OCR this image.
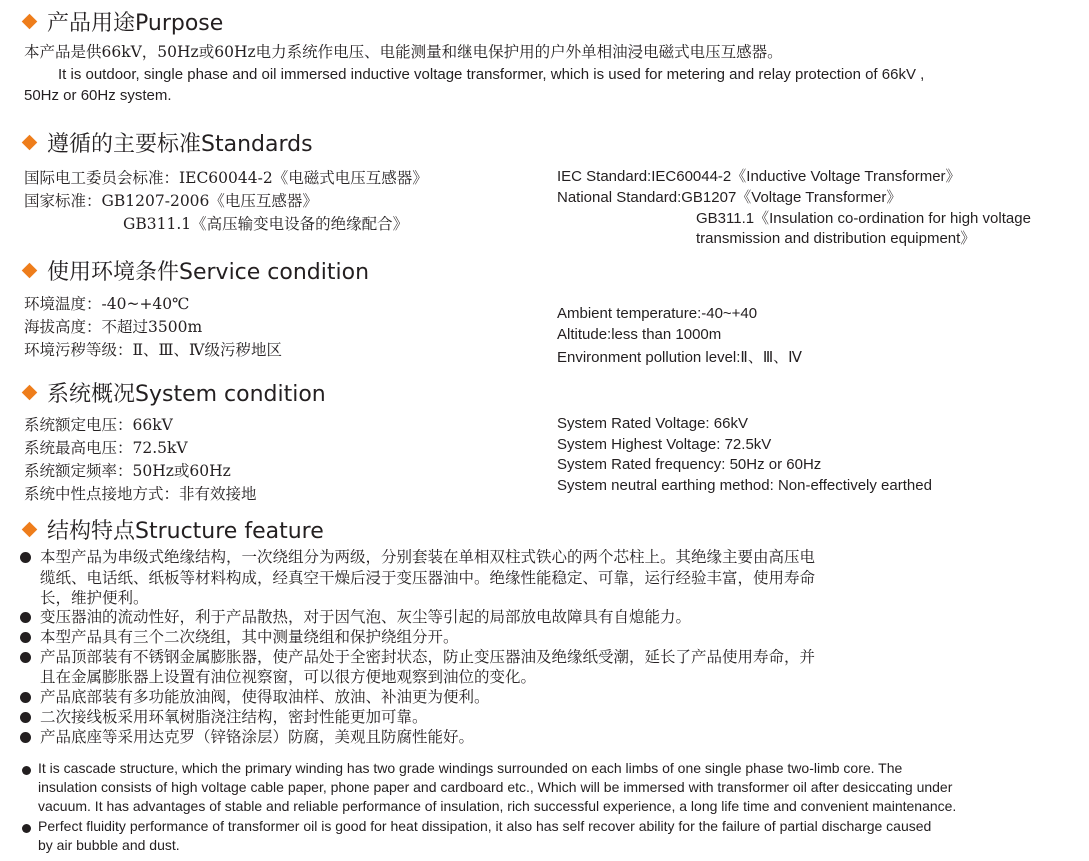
产品用途Purpose
本产品是供66kV，50Hz或60Hz电力系统作电压、电能测量和继电保护用的户外单相油浸电磁式电压互感器。
It is outdoor, single phase and oil immersed inductive voltage transformer, which is used for metering and relay protection of 66kV ,
50Hz or 60Hz system.
遵循的主要标准Standards
国际电工委员会标准：IEC60044-2《电磁式电压互感器》
国家标准：GB1207-2006《电压互感器》
GB311.1《高压输变电设备的绝缘配合》
IEC Standard:IEC60044-2《Inductive Voltage Transformer》
National Standard:GB1207《Voltage Transformer》
GB311.1《Insulation co-ordination for high voltage
transmission and distribution equipment》
使用环境条件Service condition
环境温度：-40~+40℃
海拔高度：不超过3500m
环境污秽等级：Ⅱ、Ⅲ、Ⅳ级污秽地区
Ambient temperature:-40~+40
Altitude:less than 1000m
Environment pollution level:Ⅱ、Ⅲ、Ⅳ
系统概况System condition
系统额定电压：66kV
系统最高电压：72.5kV
系统额定频率：50Hz或60Hz
系统中性点接地方式：非有效接地
System Rated Voltage: 66kV
System Highest Voltage: 72.5kV
System Rated frequency: 50Hz or 60Hz
System neutral earthing method: Non-effectively earthed
结构特点Structure feature
本型产品为串级式绝缘结构，一次绕组分为两级，分别套装在单相双柱式铁心的两个芯柱上。其绝缘主要由高压电
缆纸、电话纸、纸板等材料构成，经真空干燥后浸于变压器油中。绝缘性能稳定、可靠，运行经验丰富，使用寿命
长，维护便利。
变压器油的流动性好，利于产品散热，对于因气泡、灰尘等引起的局部放电故障具有自熄能力。
本型产品具有三个二次绕组，其中测量绕组和保护绕组分开。
产品顶部装有不锈钢金属膨胀器，使产品处于全密封状态，防止变压器油及绝缘纸受潮，延长了产品使用寿命，并
且在金属膨胀器上设置有油位视察窗，可以很方便地观察到油位的变化。
产品底部装有多功能放油阀，使得取油样、放油、补油更为便利。
二次接线板采用环氧树脂浇注结构，密封性能更加可靠。
产品底座等采用达克罗（锌铬涂层）防腐，美观且防腐性能好。
It is cascade structure, which the primary winding has two grade windings surrounded on each limbs of one single phase two-limb core. The
insulation consists of high voltage cable paper, phone paper and cardboard etc., Which will be immersed with transformer oil after desiccating under
vacuum. It has advantages of stable and reliable performance of insulation, rich successful experience, a long life time and convenient maintenance.
Perfect fluidity performance of transformer oil is good for heat dissipation, it also has self recover ability for the failure of partial discharge caused
by air bubble and dust.
